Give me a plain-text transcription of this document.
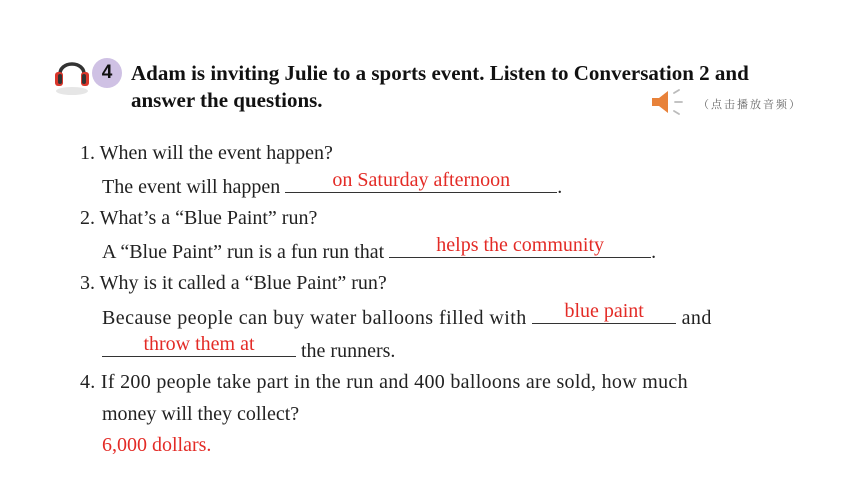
4 Adam is inviting Julie to a sports event. Listen to Conversation 2 and
answer the questions.	（点击播放音频）
1. When will the event happen?
The event will happen	on Saturday afternoon	.
2. What’s a “Blue Paint” run?
A “Blue Paint” run is a fun run that	helps the community	.
3. Why is it called a “Blue Paint” run?
Because people can buy water balloons filled with	blue paint	and
throw them at	the runners.
4. If 200 people take part in the run and 400 balloons are sold, how much
money will they collect?
6,000 dollars.
